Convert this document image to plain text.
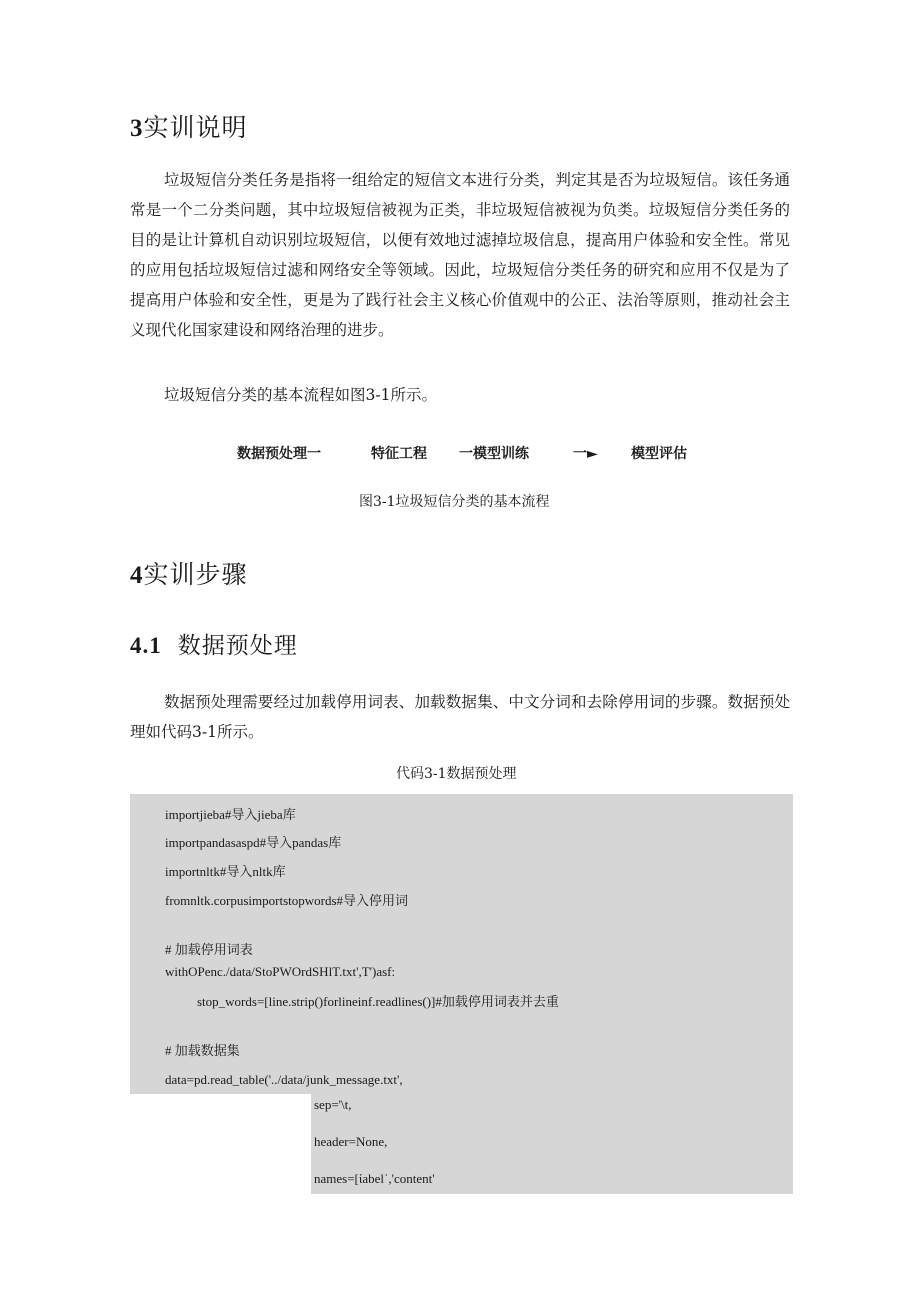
3实训说明
垃圾短信分类任务是指将一组给定的短信文本进行分类，判定其是否为垃圾短信。该任务通常是一个二分类问题，其中垃圾短信被视为正类，非垃圾短信被视为负类。垃圾短信分类任务的目的是让计算机自动识别垃圾短信，以便有效地过滤掉垃圾信息，提高用户体验和安全性。常见的应用包括垃圾短信过滤和网络安全等领域。因此，垃圾短信分类任务的研究和应用不仅是为了提高用户体验和安全性，更是为了践行社会主义核心价值观中的公正、法治等原则，推动社会主义现代化国家建设和网络治理的进步。
垃圾短信分类的基本流程如图3-1所示。
数据预处理一	特征工程 一模型训练	一► 模型评估
图3-1垃圾短信分类的基本流程
4实训步骤
4.1 数据预处理
数据预处理需要经过加载停用词表、加载数据集、中文分词和去除停用词的步骤。数据预处理如代码3-1所示。
代码3-1数据预处理
importjieba#导入jieba库
importpandasaspd#导入pandas库
importnltk#导入nltk库
fromnltk.corpusimportstopwords#导入停用词
# 加载停用词表
withOPenc./data/StoPWOrdSHlT.txt',T')asf:
stop_words=[line.strip()forlineinf.readlines()]#加载停用词表并去重
# 加载数据集
data=pd.read_table('../data/junk_message.txt',
sep='\t,
header=None,
names=[ίabelˈ,'content'
